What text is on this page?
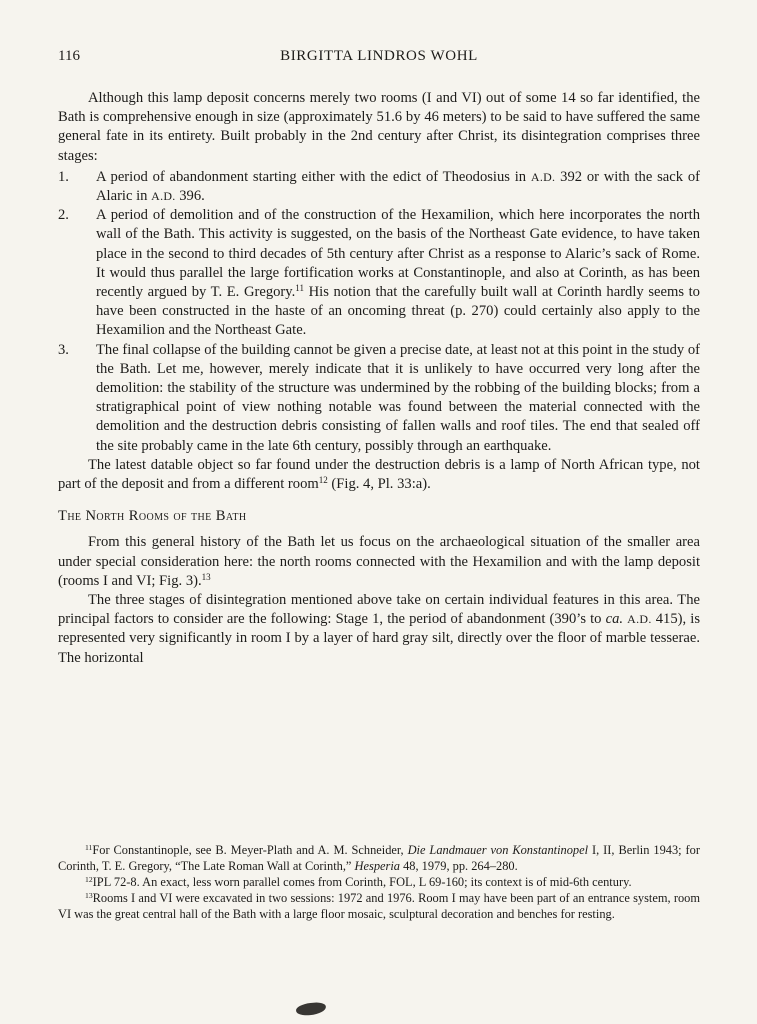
116	BIRGITTA LINDROS WOHL

Although this lamp deposit concerns merely two rooms (I and VI) out of some 14 so far identified, the Bath is comprehensive enough in size (approximately 51.6 by 46 meters) to be said to have suffered the same general fate in its entirety. Built probably in the 2nd century after Christ, its disintegration comprises three stages:

1.	A period of abandonment starting either with the edict of Theodosius in A.D. 392 or with the sack of Alaric in A.D. 396.

2.	A period of demolition and of the construction of the Hexamilion, which here incorporates the north wall of the Bath. This activity is suggested, on the basis of the Northeast Gate evidence, to have taken place in the second to third decades of 5th century after Christ as a response to Alaric’s sack of Rome. It would thus parallel the large fortification works at Constantinople, and also at Corinth, as has been recently argued by T. E. Gregory.$^{11}$ His notion that the carefully built wall at Corinth hardly seems to have been constructed in the haste of an oncoming threat (p. 270) could certainly also apply to the Hexamilion and the Northeast Gate.

3.	The final collapse of the building cannot be given a precise date, at least not at this point in the study of the Bath. Let me, however, merely indicate that it is unlikely to have occurred very long after the demolition: the stability of the structure was undermined by the robbing of the building blocks; from a stratigraphical point of view nothing notable was found between the material connected with the demolition and the destruction debris consisting of fallen walls and roof tiles. The end that sealed off the site probably came in the late 6th century, possibly through an earthquake.

The latest datable object so far found under the destruction debris is a lamp of North African type, not part of the deposit and from a different room$^{12}$ (Fig. 4, Pl. 33:a).

The North Rooms of the Bath

From this general history of the Bath let us focus on the archaeological situation of the smaller area under special consideration here: the north rooms connected with the Hexamilion and with the lamp deposit (rooms I and VI; Fig. 3).$^{13}$

The three stages of disintegration mentioned above take on certain individual features in this area. The principal factors to consider are the following: Stage 1, the period of abandonment (390’s to ca. A.D. 415), is represented very significantly in room I by a layer of hard gray silt, directly over the floor of marble tesserae. The horizontal

$^{11}$For Constantinople, see B. Meyer-Plath and A. M. Schneider, Die Landmauer von Konstantinopel I, II, Berlin 1943; for Corinth, T. E. Gregory, “The Late Roman Wall at Corinth,” Hesperia 48, 1979, pp. 264–280.

$^{12}$IPL 72-8. An exact, less worn parallel comes from Corinth, FOL, L 69-160; its context is of mid-6th century.

$^{13}$Rooms I and VI were excavated in two sessions: 1972 and 1976. Room I may have been part of an entrance system, room VI was the great central hall of the Bath with a large floor mosaic, sculptural decoration and benches for resting.
